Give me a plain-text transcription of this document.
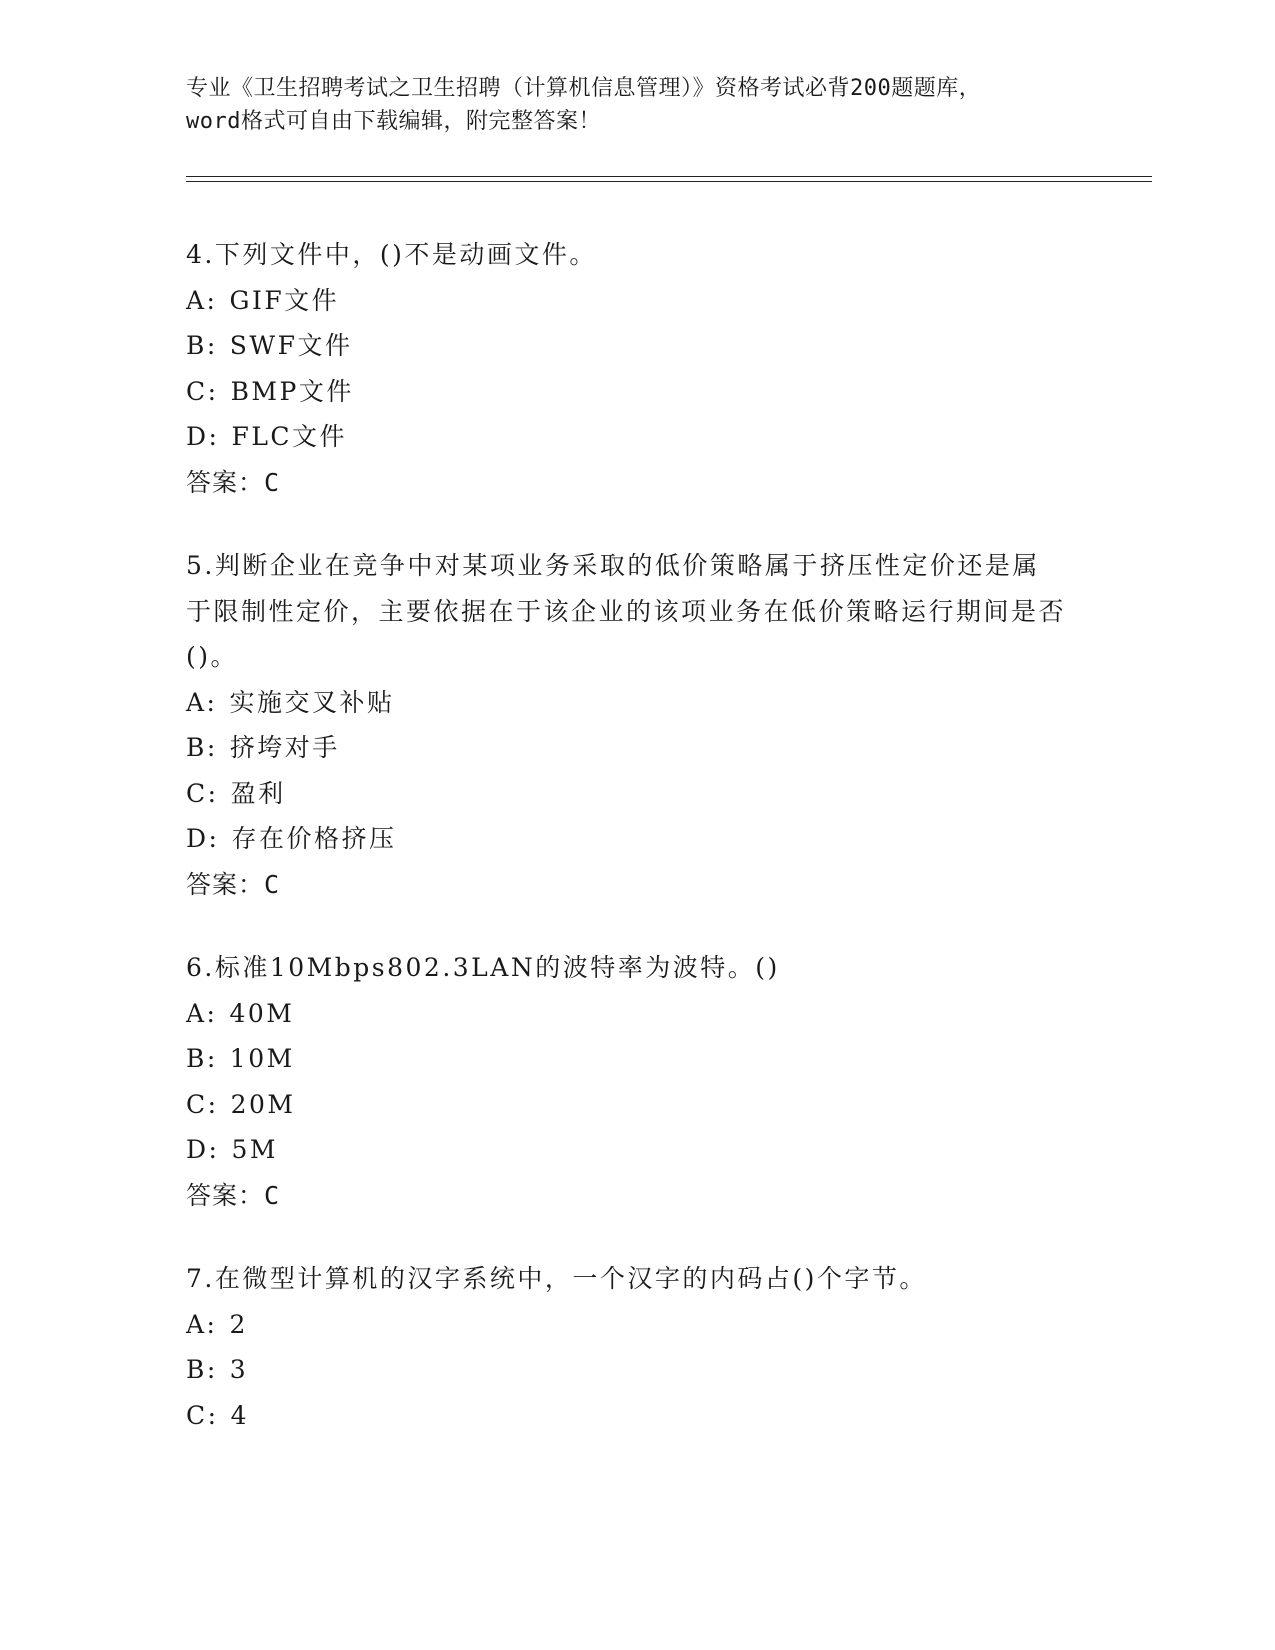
专业《卫生招聘考试之卫生招聘（计算机信息管理）》资格考试必背200题题库，
word格式可自由下载编辑，附完整答案！

4.下列文件中，()不是动画文件。

A: GIF文件

B: SWF文件

C: BMP文件

D: FLC文件

答案：C

5.判断企业在竞争中对某项业务采取的低价策略属于挤压性定价还是属于限制性定价，主要依据在于该企业的该项业务在低价策略运行期间是否()。

A: 实施交叉补贴

B: 挤垮对手

C: 盈利

D: 存在价格挤压

答案：C

6.标准10Mbps802.3LAN的波特率为波特。()

A: 40M

B: 10M

C: 20M

D: 5M

答案：C

7.在微型计算机的汉字系统中，一个汉字的内码占()个字节。

A: 2

B: 3

C: 4
